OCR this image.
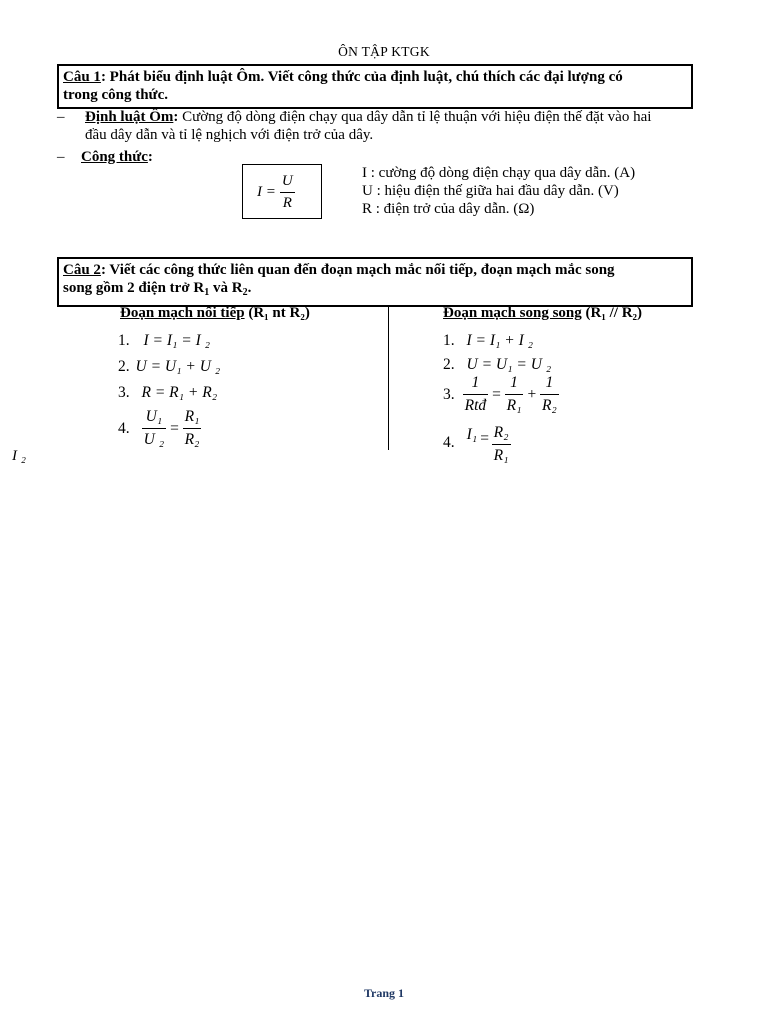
ÔN TẬP KTGK
Câu 1: Phát biểu định luật Ôm. Viết công thức của định luật, chú thích các đại lượng có
trong công thức.
– Định luật Ôm: Cường độ dòng điện chạy qua dây dẫn tỉ lệ thuận với hiệu điện thế đặt vào hai
đầu dây dẫn và tỉ lệ nghịch với điện trở của dây.
– Công thức:
$I = \frac{U}{R}$	I : cường độ dòng điện chạy qua dây dẫn. (A)
U : hiệu điện thế giữa hai đầu dây dẫn. (V)
R : điện trở của dây dẫn. (Ω)
Câu 2: Viết các công thức liên quan đến đoạn mạch mắc nối tiếp, đoạn mạch mắc song
song gồm 2 điện trở $R_1$ và $R_2$.
Đoạn mạch nối tiếp (R₁ nt R₂)	Đoạn mạch song song (R₁ // R₂)
1. I = I₁ = I ₂
2. U = U₁ + U ₂
3. R = R₁ + R₂
4. $\frac{\text{U₁}}{\text{U ₂}} = \frac{\text{R₁}}{\text{R₂}}$
1. I = I₁ + I ₂
2. U = U₁ = U ₂
3. $\frac{1}{\text{Rtđ}} = \frac{1}{\text{R₁}} + \frac{1}{\text{R₂}}$
4. $I_1 = \frac{\text{R₂}}{\text{R₁}}$
I ₂
Trang 1
